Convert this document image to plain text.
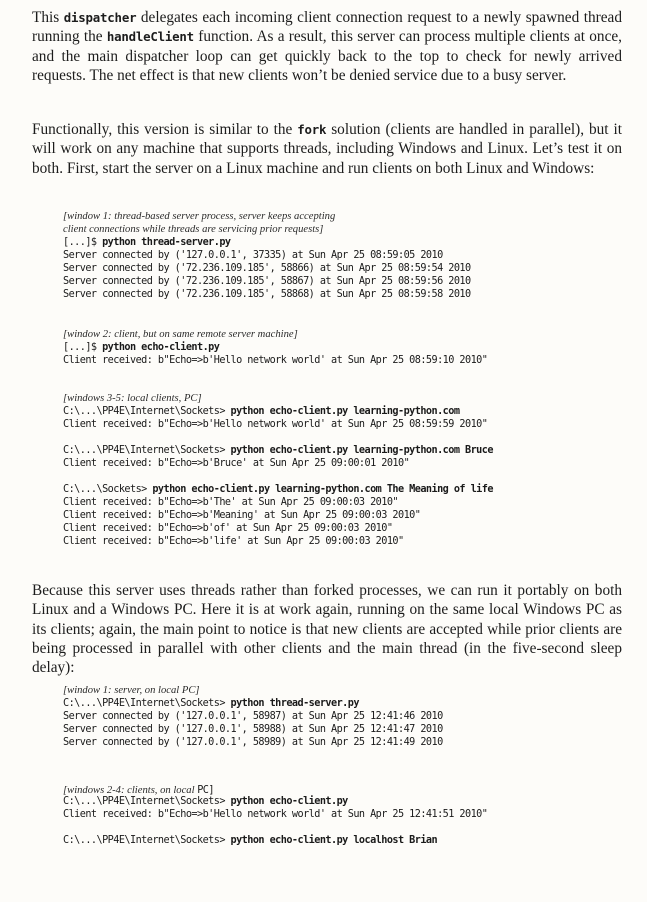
This dispatcher delegates each incoming client connection request to a newly spawned thread running the handleClient function. As a result, this server can process multiple clients at once, and the main dispatcher loop can get quickly back to the top to check for newly arrived requests. The net effect is that new clients won’t be denied service due to a busy server.

Functionally, this version is similar to the fork solution (clients are handled in parallel), but it will work on any machine that supports threads, including Windows and Linux. Let’s test it on both. First, start the server on a Linux machine and run clients on both Linux and Windows:

[window 1: thread-based server process, server keeps accepting
client connections while threads are servicing prior requests]
[...]$ python thread-server.py
Server connected by ('127.0.0.1', 37335) at Sun Apr 25 08:59:05 2010
Server connected by ('72.236.109.185', 58866) at Sun Apr 25 08:59:54 2010
Server connected by ('72.236.109.185', 58867) at Sun Apr 25 08:59:56 2010
Server connected by ('72.236.109.185', 58868) at Sun Apr 25 08:59:58 2010
[window 2: client, but on same remote server machine]
[...]$ python echo-client.py
Client received: b"Echo=>b'Hello network world' at Sun Apr 25 08:59:10 2010"
[windows 3-5: local clients, PC]
C:\...\PP4E\Internet\Sockets> python echo-client.py learning-python.com
Client received: b"Echo=>b'Hello network world' at Sun Apr 25 08:59:59 2010"
C:\...\PP4E\Internet\Sockets> python echo-client.py learning-python.com Bruce
Client received: b"Echo=>b'Bruce' at Sun Apr 25 09:00:01 2010"
C:\...\Sockets> python echo-client.py learning-python.com The Meaning of life
Client received: b"Echo=>b'The' at Sun Apr 25 09:00:03 2010"
Client received: b"Echo=>b'Meaning' at Sun Apr 25 09:00:03 2010"
Client received: b"Echo=>b'of' at Sun Apr 25 09:00:03 2010"
Client received: b"Echo=>b'life' at Sun Apr 25 09:00:03 2010"

Because this server uses threads rather than forked processes, we can run it portably on both Linux and a Windows PC. Here it is at work again, running on the same local Windows PC as its clients; again, the main point to notice is that new clients are accepted while prior clients are being processed in parallel with other clients and the main thread (in the five-second sleep delay):

[window 1: server, on local PC]
C:\...\PP4E\Internet\Sockets> python thread-server.py
Server connected by ('127.0.0.1', 58987) at Sun Apr 25 12:41:46 2010
Server connected by ('127.0.0.1', 58988) at Sun Apr 25 12:41:47 2010
Server connected by ('127.0.0.1', 58989) at Sun Apr 25 12:41:49 2010
[windows 2-4: clients, on local PC]
C:\...\PP4E\Internet\Sockets> python echo-client.py
Client received: b"Echo=>b'Hello network world' at Sun Apr 25 12:41:51 2010"
C:\...\PP4E\Internet\Sockets> python echo-client.py localhost Brian
